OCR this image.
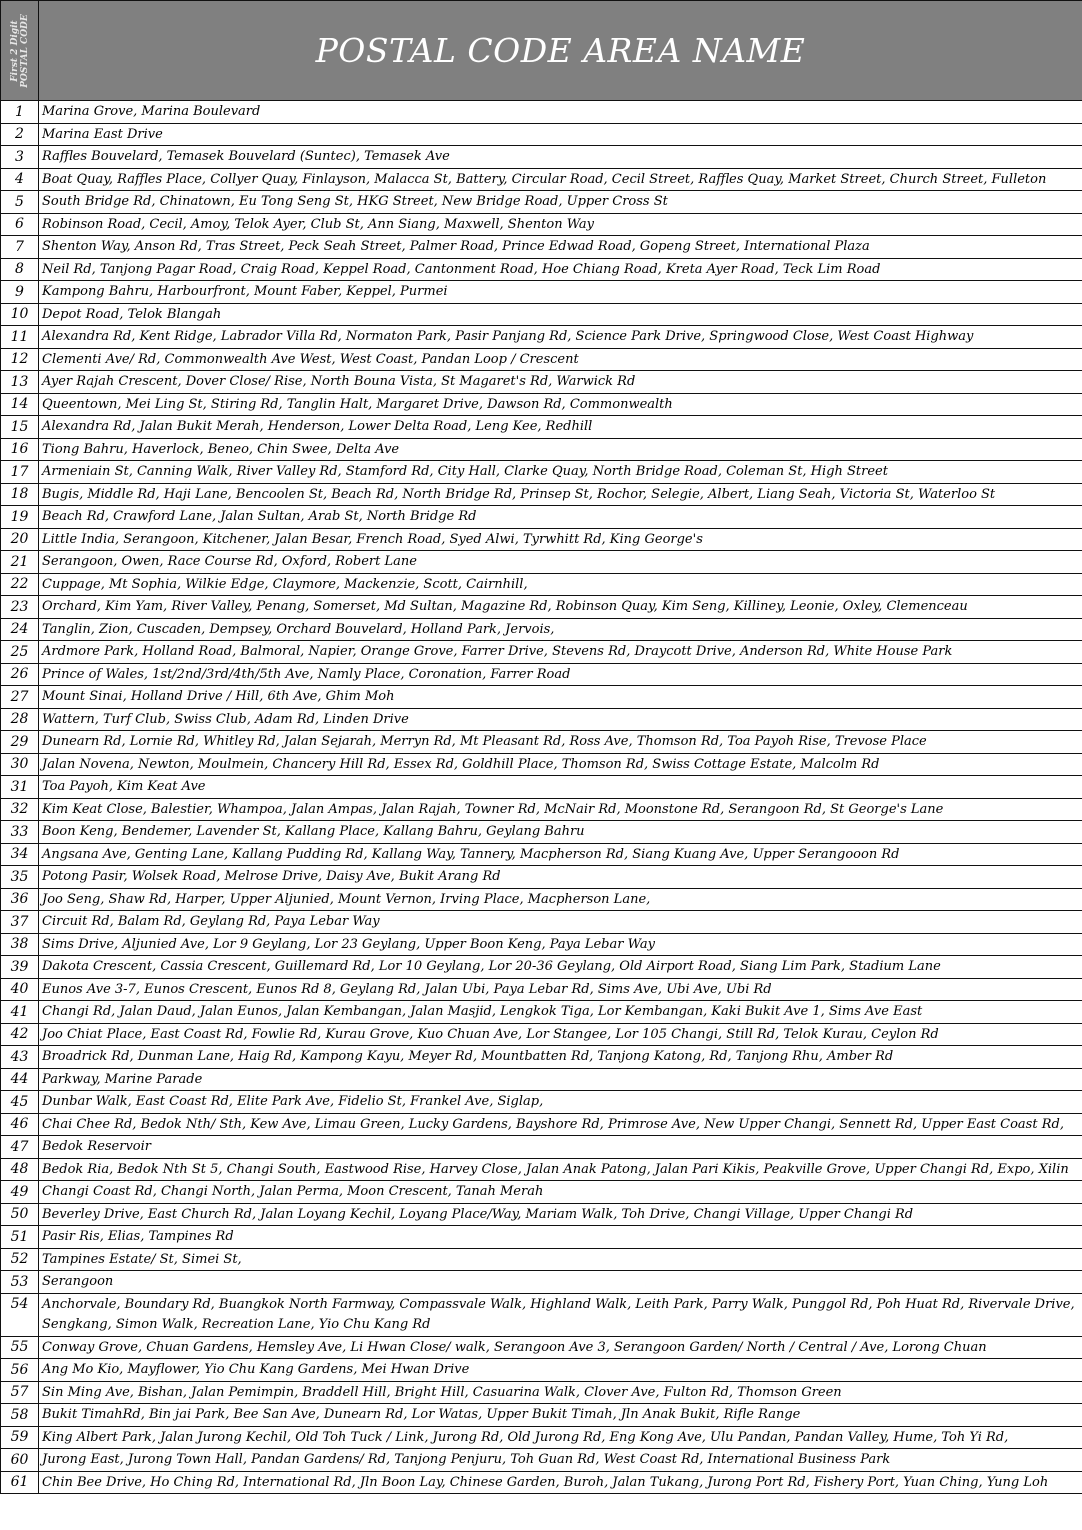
First 2 Digit
POSTAL CODE	POSTAL CODE AREA NAME
1	Marina Grove, Marina Boulevard
2	Marina East Drive
3	Raffles Bouvelard, Temasek Bouvelard (Suntec), Temasek Ave
4	Boat Quay, Raffles Place, Collyer Quay, Finlayson, Malacca St, Battery, Circular Road, Cecil Street, Raffles Quay, Market Street, Church Street, Fulleton
5	South Bridge Rd, Chinatown, Eu Tong Seng St, HKG Street, New Bridge Road, Upper Cross St
6	Robinson Road, Cecil, Amoy, Telok Ayer, Club St, Ann Siang, Maxwell, Shenton Way
7	Shenton Way, Anson Rd, Tras Street, Peck Seah Street, Palmer Road, Prince Edwad Road, Gopeng Street, International Plaza
8	Neil Rd, Tanjong Pagar Road, Craig Road, Keppel Road, Cantonment Road, Hoe Chiang Road, Kreta Ayer Road, Teck Lim Road
9	Kampong Bahru, Harbourfront, Mount Faber, Keppel, Purmei
10	Depot Road, Telok Blangah
11	Alexandra Rd, Kent Ridge, Labrador Villa Rd, Normaton Park, Pasir Panjang Rd, Science Park Drive, Springwood Close, West Coast Highway
12	Clementi Ave/ Rd, Commonwealth Ave West, West Coast, Pandan Loop / Crescent
13	Ayer Rajah Crescent, Dover Close/ Rise, North Bouna Vista, St Magaret's Rd, Warwick Rd
14	Queentown, Mei Ling St, Stiring Rd, Tanglin Halt, Margaret Drive, Dawson Rd, Commonwealth
15	Alexandra Rd, Jalan Bukit Merah, Henderson, Lower Delta Road, Leng Kee, Redhill
16	Tiong Bahru, Haverlock, Beneo, Chin Swee, Delta Ave
17	Armeniain St, Canning Walk, River Valley Rd, Stamford Rd, City Hall, Clarke Quay, North Bridge Road, Coleman St, High Street
18	Bugis, Middle Rd, Haji Lane, Bencoolen St, Beach Rd, North Bridge Rd, Prinsep St, Rochor, Selegie, Albert, Liang Seah, Victoria St, Waterloo St
19	Beach Rd, Crawford Lane, Jalan Sultan, Arab St, North Bridge Rd
20	Little India, Serangoon, Kitchener, Jalan Besar, French Road, Syed Alwi, Tyrwhitt Rd, King George's
21	Serangoon, Owen, Race Course Rd, Oxford, Robert Lane
22	Cuppage, Mt Sophia, Wilkie Edge, Claymore, Mackenzie, Scott, Cairnhill,
23	Orchard, Kim Yam, River Valley, Penang, Somerset, Md Sultan, Magazine Rd, Robinson Quay, Kim Seng, Killiney, Leonie, Oxley, Clemenceau
24	Tanglin, Zion, Cuscaden, Dempsey, Orchard Bouvelard, Holland Park, Jervois,
25	Ardmore Park, Holland Road, Balmoral, Napier, Orange Grove, Farrer Drive, Stevens Rd, Draycott Drive, Anderson Rd, White House Park
26	Prince of Wales, 1st/2nd/3rd/4th/5th Ave, Namly Place, Coronation, Farrer Road
27	Mount Sinai, Holland Drive / Hill, 6th Ave, Ghim Moh
28	Wattern, Turf Club, Swiss Club, Adam Rd, Linden Drive
29	Dunearn Rd, Lornie Rd, Whitley Rd, Jalan Sejarah, Merryn Rd, Mt Pleasant Rd, Ross Ave, Thomson Rd, Toa Payoh Rise, Trevose Place
30	Jalan Novena, Newton, Moulmein, Chancery Hill Rd, Essex Rd, Goldhill Place, Thomson Rd, Swiss Cottage Estate, Malcolm Rd
31	Toa Payoh, Kim Keat Ave
32	Kim Keat Close, Balestier, Whampoa, Jalan Ampas, Jalan Rajah, Towner Rd, McNair Rd, Moonstone Rd, Serangoon Rd, St George's Lane
33	Boon Keng, Bendemer, Lavender St, Kallang Place, Kallang Bahru, Geylang Bahru
34	Angsana Ave, Genting Lane, Kallang Pudding Rd, Kallang Way, Tannery, Macpherson Rd, Siang Kuang Ave, Upper Serangooon Rd
35	Potong Pasir, Wolsek Road, Melrose Drive, Daisy Ave, Bukit Arang Rd
36	Joo Seng, Shaw Rd, Harper, Upper Aljunied, Mount Vernon, Irving Place, Macpherson Lane,
37	Circuit Rd, Balam Rd, Geylang Rd, Paya Lebar Way
38	Sims Drive, Aljunied Ave, Lor 9 Geylang, Lor 23 Geylang, Upper Boon Keng, Paya Lebar Way
39	Dakota Crescent, Cassia Crescent, Guillemard Rd, Lor 10 Geylang, Lor 20-36 Geylang, Old Airport Road, Siang Lim Park, Stadium Lane
40	Eunos Ave 3-7, Eunos Crescent, Eunos Rd 8, Geylang Rd, Jalan Ubi, Paya Lebar Rd, Sims Ave, Ubi Ave, Ubi Rd
41	Changi Rd, Jalan Daud, Jalan Eunos, Jalan Kembangan, Jalan Masjid, Lengkok Tiga, Lor Kembangan, Kaki Bukit Ave 1, Sims Ave East
42	Joo Chiat Place, East Coast Rd, Fowlie Rd, Kurau Grove, Kuo Chuan Ave, Lor Stangee, Lor 105 Changi, Still Rd, Telok Kurau, Ceylon Rd
43	Broadrick Rd, Dunman Lane, Haig Rd, Kampong Kayu, Meyer Rd, Mountbatten Rd, Tanjong Katong, Rd, Tanjong Rhu, Amber Rd
44	Parkway, Marine Parade
45	Dunbar Walk, East Coast Rd, Elite Park Ave, Fidelio St, Frankel Ave, Siglap,
46	Chai Chee Rd, Bedok Nth/ Sth, Kew Ave, Limau Green, Lucky Gardens, Bayshore Rd, Primrose Ave, New Upper Changi, Sennett Rd, Upper East Coast Rd,
47	Bedok Reservoir
48	Bedok Ria, Bedok Nth St 5, Changi South, Eastwood Rise, Harvey Close, Jalan Anak Patong, Jalan Pari Kikis, Peakville Grove, Upper Changi Rd, Expo, Xilin
49	Changi Coast Rd, Changi North, Jalan Perma, Moon Crescent, Tanah Merah
50	Beverley Drive, East Church Rd, Jalan Loyang Kechil, Loyang Place/Way, Mariam Walk, Toh Drive, Changi Village, Upper Changi Rd
51	Pasir Ris, Elias, Tampines Rd
52	Tampines Estate/ St, Simei St,
53	Serangoon
54	Anchorvale, Boundary Rd, Buangkok North Farmway, Compassvale Walk, Highland Walk, Leith Park, Parry Walk, Punggol Rd, Poh Huat Rd, Rivervale Drive, Sengkang, Simon Walk, Recreation Lane, Yio Chu Kang Rd
55	Conway Grove, Chuan Gardens, Hemsley Ave, Li Hwan Close/ walk, Serangoon Ave 3, Serangoon Garden/ North / Central / Ave, Lorong Chuan
56	Ang Mo Kio, Mayflower, Yio Chu Kang Gardens, Mei Hwan Drive
57	Sin Ming Ave, Bishan, Jalan Pemimpin, Braddell Hill, Bright Hill, Casuarina Walk, Clover Ave, Fulton Rd, Thomson Green
58	Bukit TimahRd, Bin jai Park, Bee San Ave, Dunearn Rd, Lor Watas, Upper Bukit Timah, Jln Anak Bukit, Rifle Range
59	King Albert Park, Jalan Jurong Kechil, Old Toh Tuck / Link, Jurong Rd, Old Jurong Rd, Eng Kong Ave, Ulu Pandan, Pandan Valley, Hume, Toh Yi Rd,
60	Jurong East, Jurong Town Hall, Pandan Gardens/ Rd, Tanjong Penjuru, Toh Guan Rd, West Coast Rd, International Business Park
61	Chin Bee Drive, Ho Ching Rd, International Rd, Jln Boon Lay, Chinese Garden, Buroh, Jalan Tukang, Jurong Port Rd, Fishery Port, Yuan Ching, Yung Loh
